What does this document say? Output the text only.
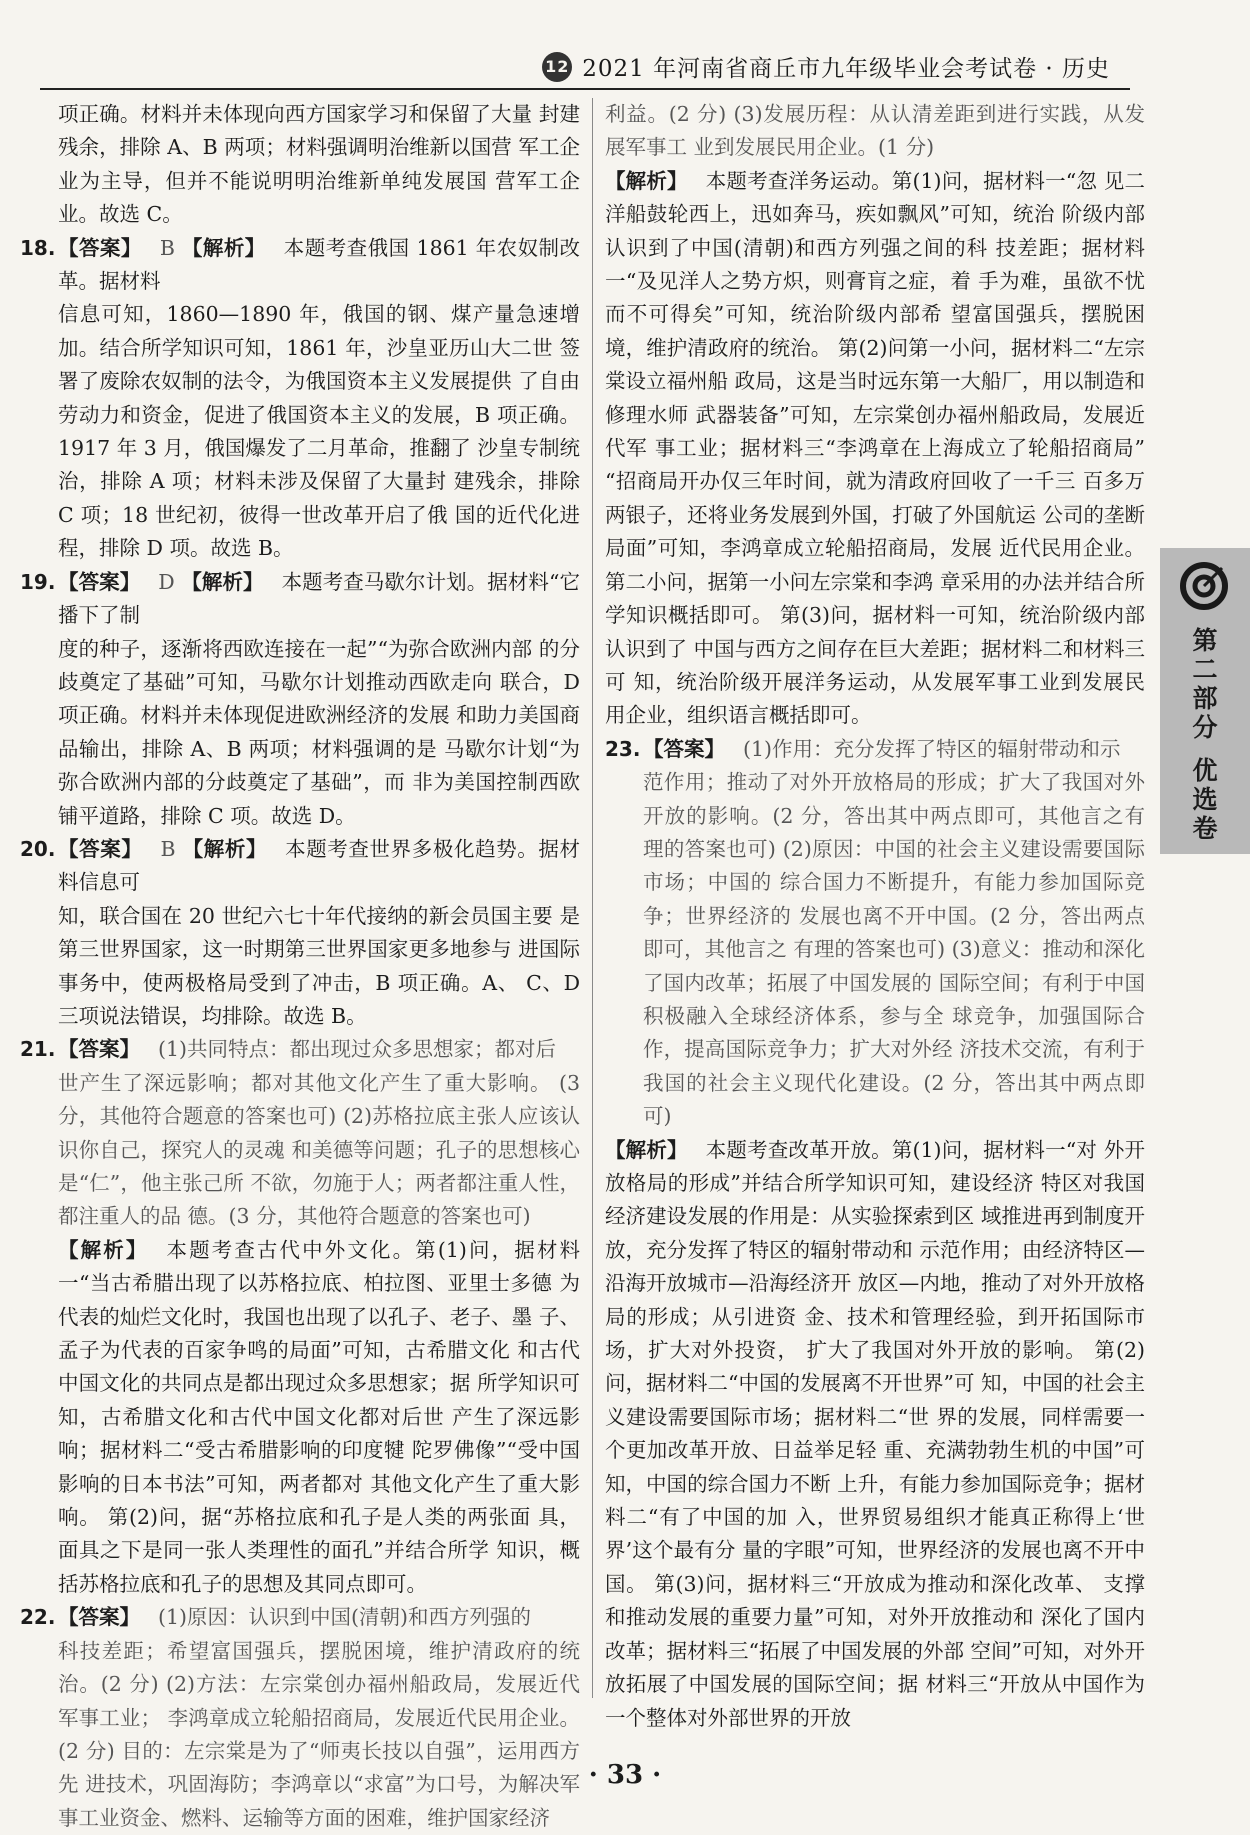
12 2021 年河南省商丘市九年级毕业会考试卷 · 历史
项正确。材料并未体现向西方国家学习和保留了大量 封建残余，排除 A、B 两项；材料强调明治维新以国营 军工企业为主导，但并不能说明明治维新单纯发展国 营军工企业。故选 C。
18. 【答案】 B 【解析】 本题考查俄国 1861 年农奴制改革。据材料
信息可知，1860—1890 年，俄国的钢、煤产量急速增 加。结合所学知识可知，1861 年，沙皇亚历山大二世 签署了废除农奴制的法令，为俄国资本主义发展提供 了自由劳动力和资金，促进了俄国资本主义的发展，B 项正确。1917 年 3 月，俄国爆发了二月革命，推翻了 沙皇专制统治，排除 A 项；材料未涉及保留了大量封 建残余，排除 C 项；18 世纪初，彼得一世改革开启了俄 国的近代化进程，排除 D 项。故选 B。
19. 【答案】 D 【解析】 本题考查马歇尔计划。据材料“它播下了制
度的种子，逐渐将西欧连接在一起”“为弥合欧洲内部 的分歧奠定了基础”可知，马歇尔计划推动西欧走向 联合，D 项正确。材料并未体现促进欧洲经济的发展 和助力美国商品输出，排除 A、B 两项；材料强调的是 马歇尔计划“为弥合欧洲内部的分歧奠定了基础”，而 非为美国控制西欧铺平道路，排除 C 项。故选 D。
20. 【答案】 B 【解析】 本题考查世界多极化趋势。据材料信息可
知，联合国在 20 世纪六七十年代接纳的新会员国主要 是第三世界国家，这一时期第三世界国家更多地参与 进国际事务中，使两极格局受到了冲击，B 项正确。A、 C、D 三项说法错误，均排除。故选 B。
21. 【答案】 (1)共同特点：都出现过众多思想家；都对后
世产生了深远影响；都对其他文化产生了重大影响。 (3 分，其他符合题意的答案也可) (2)苏格拉底主张人应该认识你自己，探究人的灵魂 和美德等问题；孔子的思想核心是“仁”，他主张己所 不欲，勿施于人；两者都注重人性，都注重人的品 德。(3 分，其他符合题意的答案也可)
【解析】 本题考查古代中外文化。第(1)问，据材料 一“当古希腊出现了以苏格拉底、柏拉图、亚里士多德 为代表的灿烂文化时，我国也出现了以孔子、老子、墨 子、孟子为代表的百家争鸣的局面”可知，古希腊文化 和古代中国文化的共同点是都出现过众多思想家；据 所学知识可知，古希腊文化和古代中国文化都对后世 产生了深远影响；据材料二“受古希腊影响的印度犍 陀罗佛像”“受中国影响的日本书法”可知，两者都对 其他文化产生了重大影响。 第(2)问，据“苏格拉底和孔子是人类的两张面 具，面具之下是同一张人类理性的面孔”并结合所学 知识，概括苏格拉底和孔子的思想及其同点即可。
22. 【答案】 (1)原因：认识到中国(清朝)和西方列强的
科技差距；希望富国强兵，摆脱困境，维护清政府的统 治。(2 分) (2)方法：左宗棠创办福州船政局，发展近代军事工业； 李鸿章成立轮船招商局，发展近代民用企业。(2 分) 目的：左宗棠是为了“师夷长技以自强”，运用西方先 进技术，巩固海防；李鸿章以“求富”为口号，为解决军 事工业资金、燃料、运输等方面的困难，维护国家经济
利益。(2 分) (3)发展历程：从认清差距到进行实践，从发展军事工 业到发展民用企业。(1 分)
【解析】 本题考查洋务运动。第(1)问，据材料一“忽 见二洋船鼓轮西上，迅如奔马，疾如飘风”可知，统治 阶级内部认识到了中国(清朝)和西方列强之间的科 技差距；据材料一“及见洋人之势方炽，则膏肓之症，着 手为难，虽欲不忧而不可得矣”可知，统治阶级内部希 望富国强兵，摆脱困境，维护清政府的统治。 第(2)问第一小问，据材料二“左宗棠设立福州船 政局，这是当时远东第一大船厂，用以制造和修理水师 武器装备”可知，左宗棠创办福州船政局，发展近代军 事工业；据材料三“李鸿章在上海成立了轮船招商局” “招商局开办仅三年时间，就为清政府回收了一千三 百多万两银子，还将业务发展到外国，打破了外国航运 公司的垄断局面”可知，李鸿章成立轮船招商局，发展 近代民用企业。第二小问，据第一小问左宗棠和李鸿 章采用的办法并结合所学知识概括即可。 第(3)问，据材料一可知，统治阶级内部认识到了 中国与西方之间存在巨大差距；据材料二和材料三可 知，统治阶级开展洋务运动，从发展军事工业到发展民 用企业，组织语言概括即可。
23. 【答案】 (1)作用：充分发挥了特区的辐射带动和示
范作用；推动了对外开放格局的形成；扩大了我国对外 开放的影响。(2 分，答出其中两点即可，其他言之有 理的答案也可) (2)原因：中国的社会主义建设需要国际市场；中国的 综合国力不断提升，有能力参加国际竞争；世界经济的 发展也离不开中国。(2 分，答出两点即可，其他言之 有理的答案也可) (3)意义：推动和深化了国内改革；拓展了中国发展的 国际空间；有利于中国积极融入全球经济体系，参与全 球竞争，加强国际合作，提高国际竞争力；扩大对外经 济技术交流，有利于我国的社会主义现代化建设。(2 分，答出其中两点即可)
【解析】 本题考查改革开放。第(1)问，据材料一“对 外开放格局的形成”并结合所学知识可知，建设经济 特区对我国经济建设发展的作用是：从实验探索到区 域推进再到制度开放，充分发挥了特区的辐射带动和 示范作用；由经济特区—沿海开放城市—沿海经济开 放区—内地，推动了对外开放格局的形成；从引进资 金、技术和管理经验，到开拓国际市场，扩大对外投资， 扩大了我国对外开放的影响。 第(2)问，据材料二“中国的发展离不开世界”可 知，中国的社会主义建设需要国际市场；据材料二“世 界的发展，同样需要一个更加改革开放、日益举足轻 重、充满勃勃生机的中国”可知，中国的综合国力不断 上升，有能力参加国际竞争；据材料二“有了中国的加 入，世界贸易组织才能真正称得上‘世界’这个最有分 量的字眼”可知，世界经济的发展也离不开中国。 第(3)问，据材料三“开放成为推动和深化改革、 支撑和推动发展的重要力量”可知，对外开放推动和 深化了国内改革；据材料三“拓展了中国发展的外部 空间”可知，对外开放拓展了中国发展的国际空间；据 材料三“开放从中国作为一个整体对外部世界的开放
第
二
部
分
优
选
卷
· 33 ·
